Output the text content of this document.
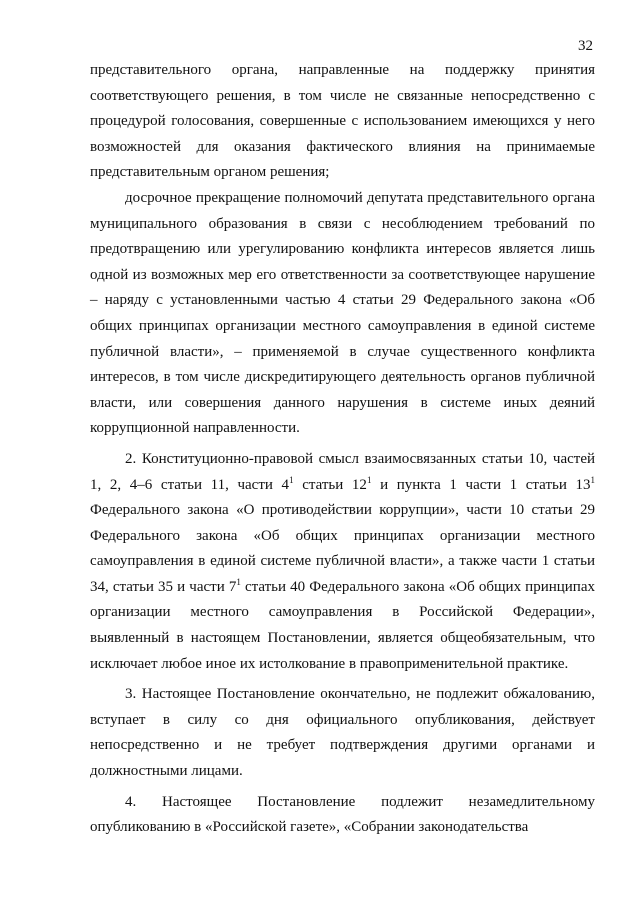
32

представительного органа, направленные на поддержку принятия соответствующего решения, в том числе не связанные непосредственно с процедурой голосования, совершенные с использованием имеющихся у него возможностей для оказания фактического влияния на принимаемые представительным органом решения;

досрочное прекращение полномочий депутата представительного органа муниципального образования в связи с несоблюдением требований по предотвращению или урегулированию конфликта интересов является лишь одной из возможных мер его ответственности за соответствующее нарушение – наряду с установленными частью 4 статьи 29 Федерального закона «Об общих принципах организации местного самоуправления в единой системе публичной власти», – применяемой в случае существенного конфликта интересов, в том числе дискредитирующего деятельность органов публичной власти, или совершения данного нарушения в системе иных деяний коррупционной направленности.

2. Конституционно-правовой смысл взаимосвязанных статьи 10, частей 1, 2, 4–6 статьи 11, части $4^1$ статьи $12^1$ и пункта 1 части 1 статьи $13^1$ Федерального закона «О противодействии коррупции», части 10 статьи 29 Федерального закона «Об общих принципах организации местного самоуправления в единой системе публичной власти», а также части 1 статьи 34, статьи 35 и части $7^1$ статьи 40 Федерального закона «Об общих принципах организации местного самоуправления в Российской Федерации», выявленный в настоящем Постановлении, является общеобязательным, что исключает любое иное их истолкование в правоприменительной практике.

3. Настоящее Постановление окончательно, не подлежит обжалованию, вступает в силу со дня официального опубликования, действует непосредственно и не требует подтверждения другими органами и должностными лицами.

4. Настоящее Постановление подлежит незамедлительному опубликованию в «Российской газете», «Собрании законодательства
